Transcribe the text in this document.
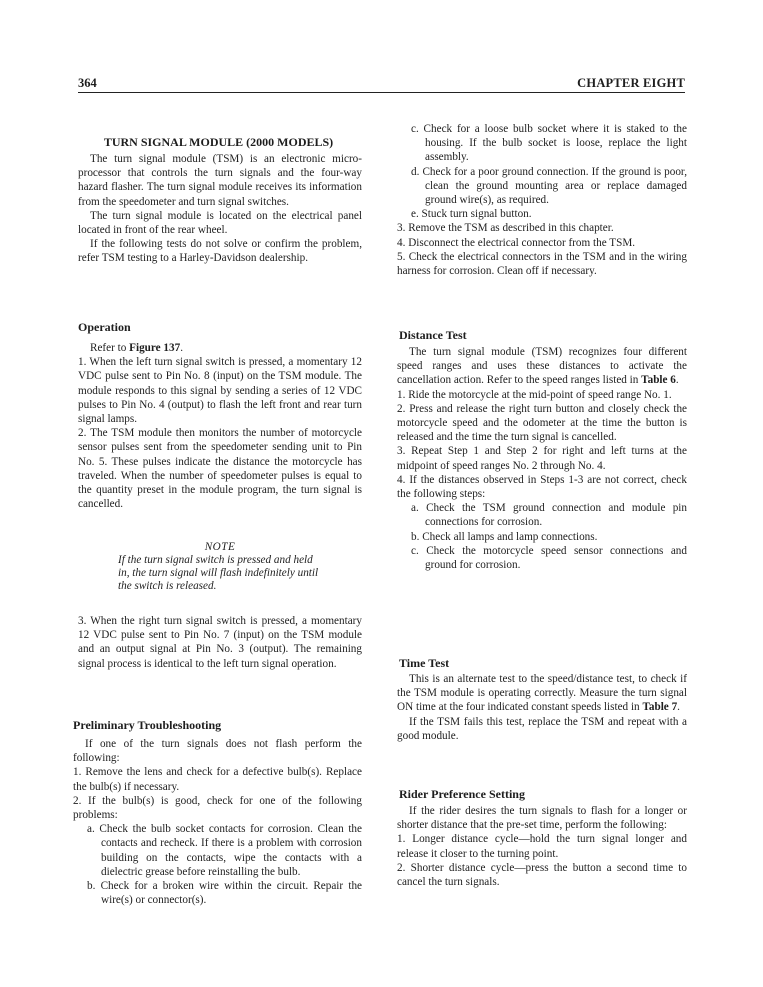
364	CHAPTER EIGHT

TURN SIGNAL MODULE (2000 MODELS)

The turn signal module (TSM) is an electronic micro-processor that controls the turn signals and the four-way hazard flasher. The turn signal module receives its information from the speedometer and turn signal switches.

The turn signal module is located on the electrical panel located in front of the rear wheel.

If the following tests do not solve or confirm the problem, refer TSM testing to a Harley-Davidson dealership.

Operation

Refer to Figure 137.

1. When the left turn signal switch is pressed, a momentary 12 VDC pulse sent to Pin No. 8 (input) on the TSM module. The module responds to this signal by sending a series of 12 VDC pulses to Pin No. 4 (output) to flash the left front and rear turn signal lamps.

2. The TSM module then monitors the number of motorcycle sensor pulses sent from the speedometer sending unit to Pin No. 5. These pulses indicate the distance the motorcycle has traveled. When the number of speedometer pulses is equal to the quantity preset in the module program, the turn signal is cancelled.

NOTE

If the turn signal switch is pressed and held in, the turn signal will flash indefinitely until the switch is released.

3. When the right turn signal switch is pressed, a momentary 12 VDC pulse sent to Pin No. 7 (input) on the TSM module and an output signal at Pin No. 3 (output). The remaining signal process is identical to the left turn signal operation.

Preliminary Troubleshooting

If one of the turn signals does not flash perform the following:

1. Remove the lens and check for a defective bulb(s). Replace the bulb(s) if necessary.

2. If the bulb(s) is good, check for one of the following problems:

a. Check the bulb socket contacts for corrosion. Clean the contacts and recheck. If there is a problem with corrosion building on the contacts, wipe the contacts with a dielectric grease before reinstalling the bulb.

b. Check for a broken wire within the circuit. Repair the wire(s) or connector(s).

c. Check for a loose bulb socket where it is staked to the housing. If the bulb socket is loose, replace the light assembly.

d. Check for a poor ground connection. If the ground is poor, clean the ground mounting area or replace damaged ground wire(s), as required.

e. Stuck turn signal button.

3. Remove the TSM as described in this chapter.

4. Disconnect the electrical connector from the TSM.

5. Check the electrical connectors in the TSM and in the wiring harness for corrosion. Clean off if necessary.

Distance Test

The turn signal module (TSM) recognizes four different speed ranges and uses these distances to activate the cancellation action. Refer to the speed ranges listed in Table 6.

1. Ride the motorcycle at the mid-point of speed range No. 1.

2. Press and release the right turn button and closely check the motorcycle speed and the odometer at the time the button is released and the time the turn signal is cancelled.

3. Repeat Step 1 and Step 2 for right and left turns at the midpoint of speed ranges No. 2 through No. 4.

4. If the distances observed in Steps 1-3 are not correct, check the following steps:

a. Check the TSM ground connection and module pin connections for corrosion.

b. Check all lamps and lamp connections.

c. Check the motorcycle speed sensor connections and ground for corrosion.

Time Test

This is an alternate test to the speed/distance test, to check if the TSM module is operating correctly. Measure the turn signal ON time at the four indicated constant speeds listed in Table 7.

If the TSM fails this test, replace the TSM and repeat with a good module.

Rider Preference Setting

If the rider desires the turn signals to flash for a longer or shorter distance that the pre-set time, perform the following:

1. Longer distance cycle—hold the turn signal longer and release it closer to the turning point.

2. Shorter distance cycle—press the button a second time to cancel the turn signals.
